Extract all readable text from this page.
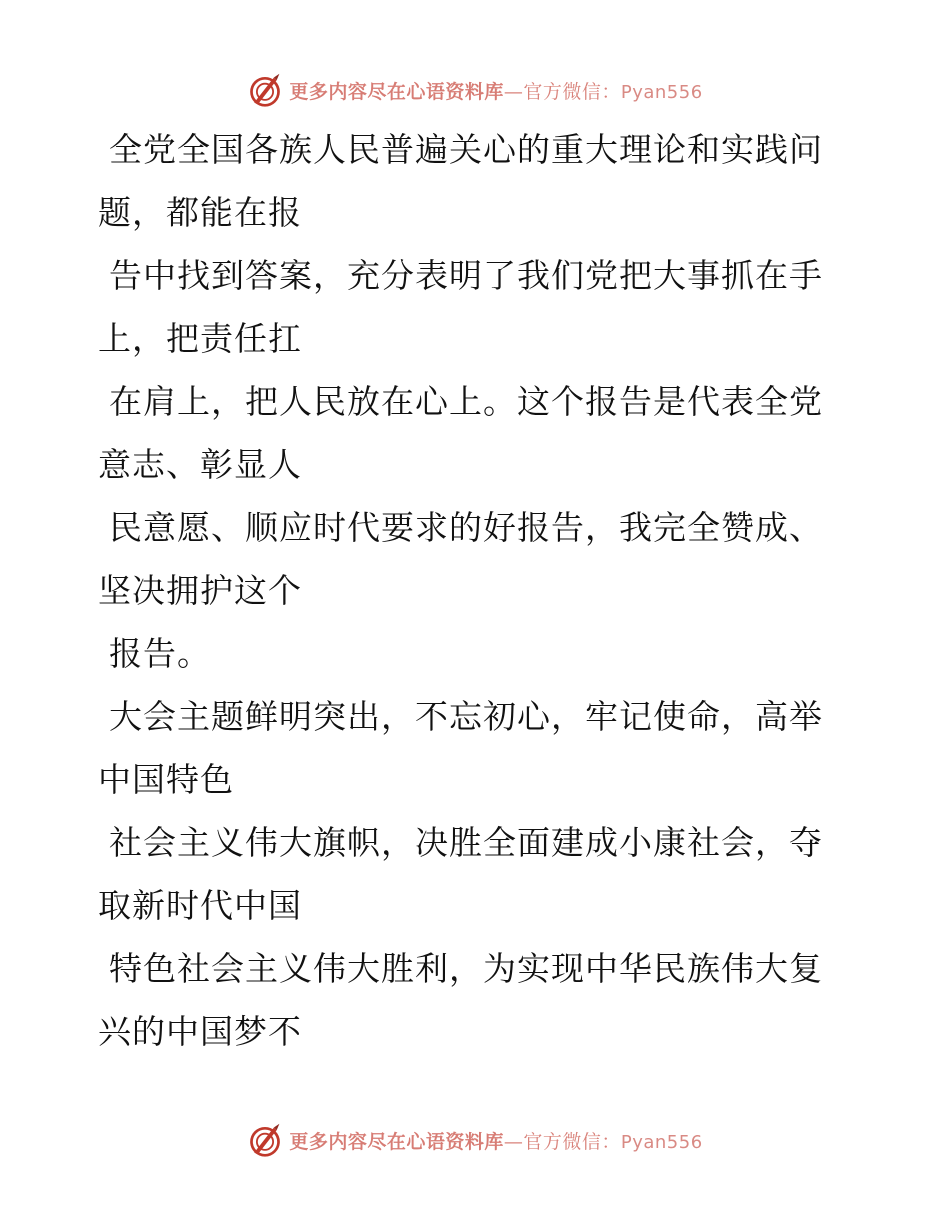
更多内容尽在心语资料库—官方微信：Pyan556
全党全国各族人民普遍关心的重大理论和实践问
题，都能在报
告中找到答案，充分表明了我们党把大事抓在手
上，把责任扛
在肩上，把人民放在心上。这个报告是代表全党
意志、彰显人
民意愿、顺应时代要求的好报告，我完全赞成、
坚决拥护这个
报告。
大会主题鲜明突出，不忘初心，牢记使命，高举
中国特色
社会主义伟大旗帜，决胜全面建成小康社会，夺
取新时代中国
特色社会主义伟大胜利，为实现中华民族伟大复
兴的中国梦不
更多内容尽在心语资料库—官方微信：Pyan556
